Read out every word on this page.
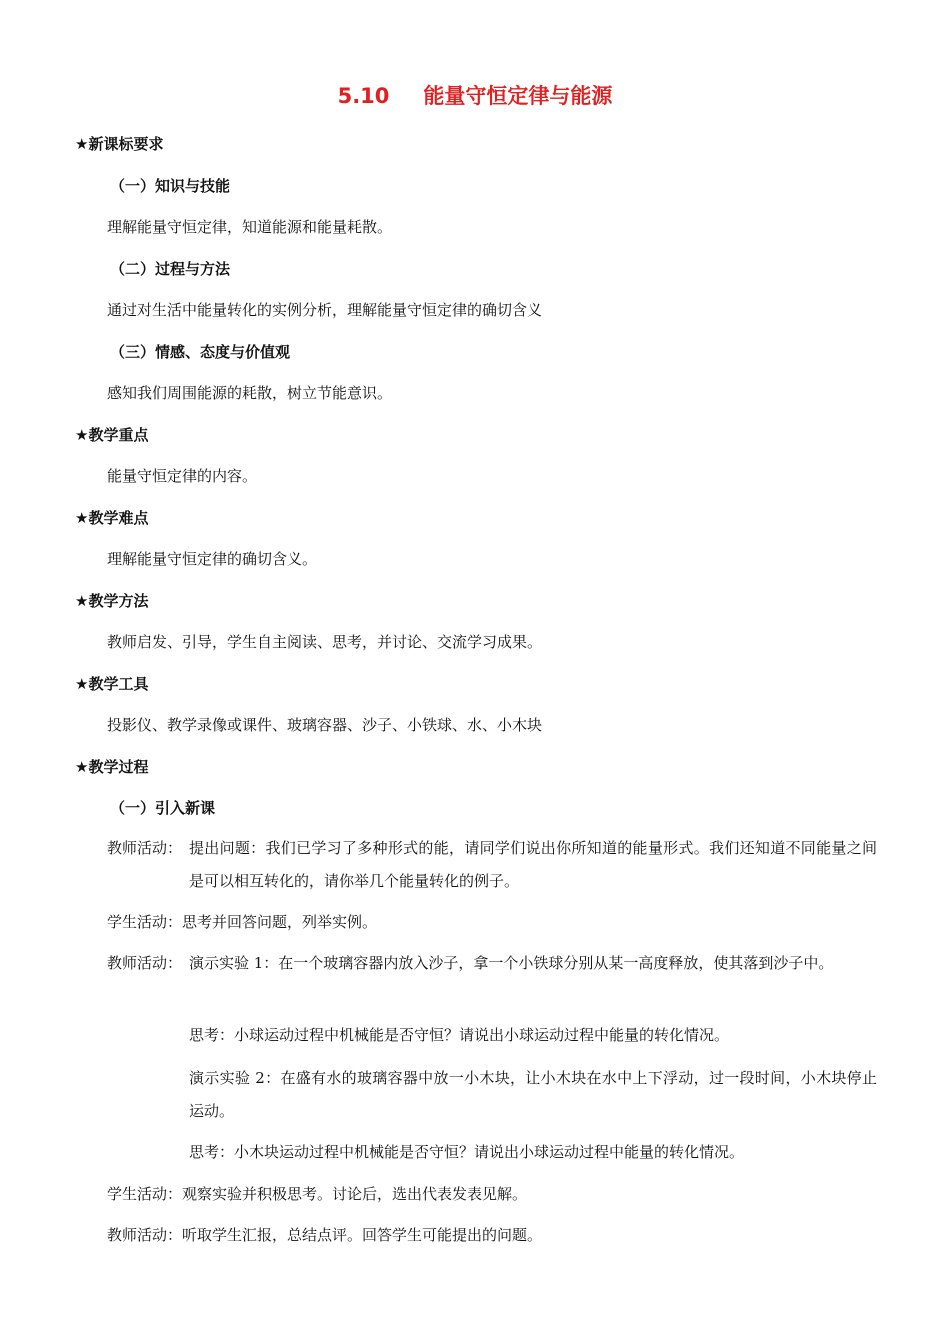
5.10 能量守恒定律与能源
★新课标要求
（一）知识与技能
理解能量守恒定律，知道能源和能量耗散。
（二）过程与方法
通过对生活中能量转化的实例分析，理解能量守恒定律的确切含义
（三）情感、态度与价值观
感知我们周围能源的耗散，树立节能意识。
★教学重点
能量守恒定律的内容。
★教学难点
理解能量守恒定律的确切含义。
★教学方法
教师启发、引导，学生自主阅读、思考，并讨论、交流学习成果。
★教学工具
投影仪、教学录像或课件、玻璃容器、沙子、小铁球、水、小木块
★教学过程
（一）引入新课
教师活动： 提出问题：我们已学习了多种形式的能，请同学们说出你所知道的能量形式。我们还知道不同能量之间是可以相互转化的，请你举几个能量转化的例子。
学生活动：思考并回答问题，列举实例。
教师活动： 演示实验 1：在一个玻璃容器内放入沙子，拿一个小铁球分别从某一高度释放，使其落到沙子中。
思考：小球运动过程中机械能是否守恒？请说出小球运动过程中能量的转化情况。
演示实验 2：在盛有水的玻璃容器中放一小木块，让小木块在水中上下浮动，过一段时间，小木块停止运动。
思考：小木块运动过程中机械能是否守恒？请说出小球运动过程中能量的转化情况。
学生活动：观察实验并积极思考。讨论后，选出代表发表见解。
教师活动：听取学生汇报，总结点评。回答学生可能提出的问题。
